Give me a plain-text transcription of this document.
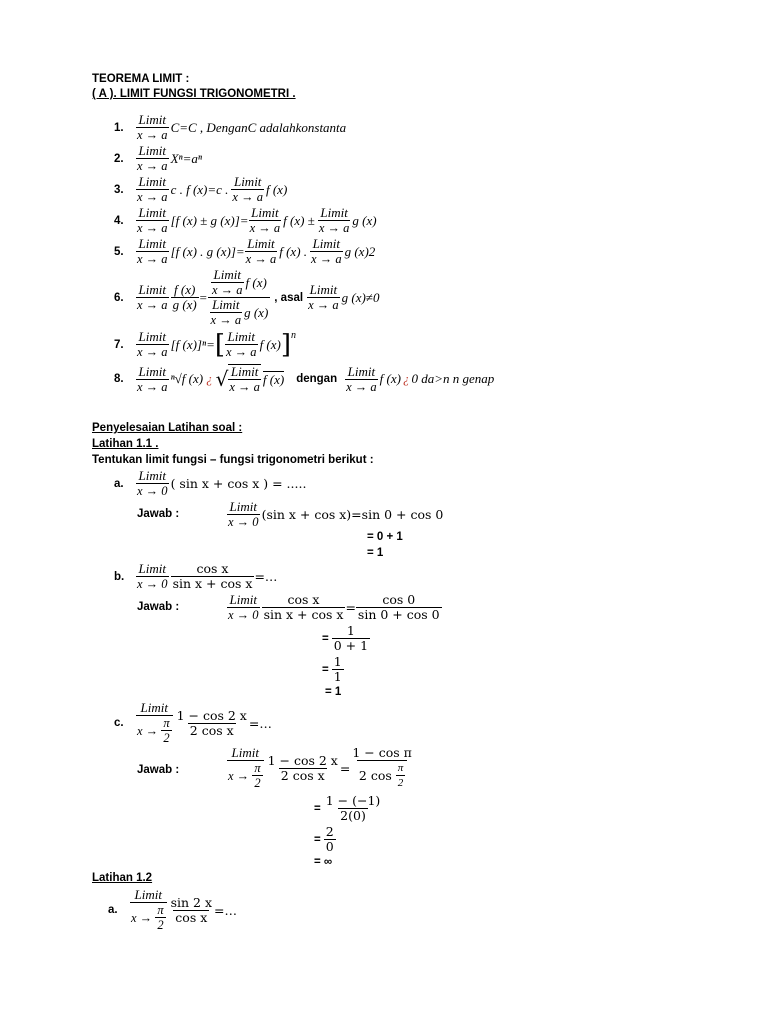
TEOREMA LIMIT :
( A ). LIMIT FUNGSI TRIGONOMETRI .
1.
Limit
x → a
C=C , DenganC adalahkonstanta
2.
Limit
x → a
Xⁿ=aⁿ
3.
Limit
x → a
c . f (x)=c . Limit
x → a
f (x)
4.
Limit
x → a
[f (x) ± g (x)]= Limit
x → a
f (x) ± Limit
x → a
g (x)
5.
Limit
x → a
[f (x) . g (x)]= Limit
x → a
f (x) . Limit
x → a
g (x)2
6.
Limit
x → a $\frac{f (x)}{g (x)}$ = Limit
x → a
f (x)
Limit
x → a
g (x) , asal
Limit
x → a
g (x)≠0
7.
Limit
x → a
[f (x)]ⁿ= [ Limit
x → a
f (x) ] n
8.
Limit
x → a
ⁿ√f (x) ¿ √ Limit
x → a
f (x) dengan
Limit
x → a
f (x) ¿ 0 da>n n genap
Penyelesaian Latihan soal :
Latihan 1.1 .
Tentukan limit fungsi – fungsi trigonometri berikut :
a.
Limit
x → 0 ( sin x + cos x ) = .....
Jawab :	Limit
x → 0 (sin x + cos x)=sin 0 + cos 0
= 0 + 1
= 1
b.
Limit
$x \to 0 \frac{\text{cos x}}{\text{sin x + cos x}}$ =…
Jawab :	Limit
$x \to 0 \frac{\text{cos x}}{\text{sin x + cos x}} = \frac{\cos 0}{\sin 0 + \cos 0}$
= $\frac{1}{0 + 1}$
= $\frac{1}{1}$
= 1
c.
Limit
x →
$\frac{\pi}{2} \frac{1 - \cos 2 x}{\text{2 cos x}}$ =…
Jawab :
Limit
x →
$\frac{\pi}{2} \frac{1 - \cos 2 x}{\text{2 cos x}} = 1 - \cos \pi$
2 cos
$\frac{\pi}{2}$
= $\frac{1 - (-1)}{2(0)}$
= $\frac{2}{0}$
= ∞
Latihan 1.2
a.
Limit
x →
$\frac{\pi}{2} \frac{\sin 2 x}{\text{cos x}}$ =…
